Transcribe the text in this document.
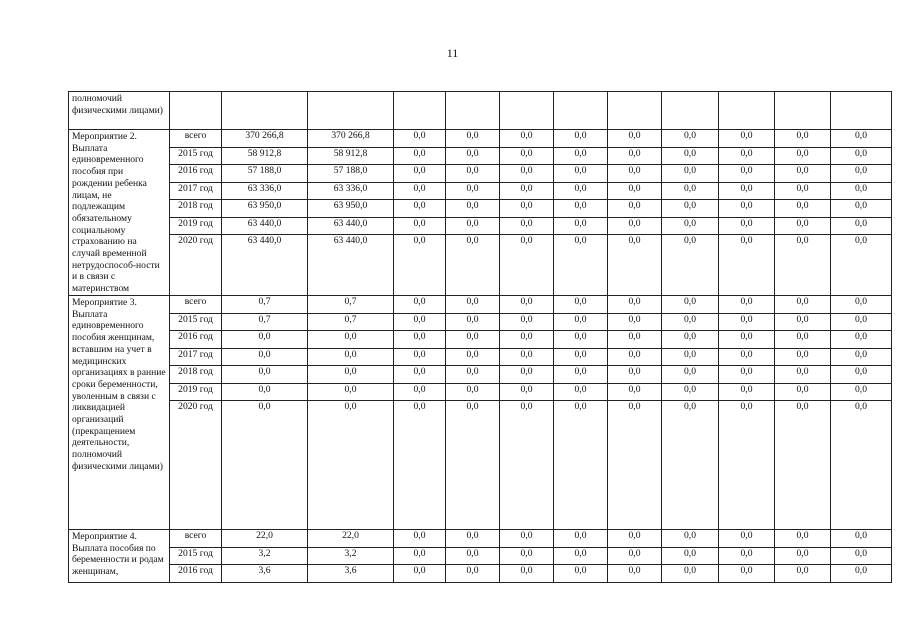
11
полномочий физическими лицами)												
Мероприятие 2. Выплата единовременного пособия при рождении ребенка лицам, не подлежащим обязательному социальному страхованию на случай временной нетрудоспособ-ности и в связи с материнством	всего	370 266,8	370 266,8	0,0	0,0	0,0	0,0	0,0	0,0	0,0	0,0	0,0
	2015 год	58 912,8	58 912,8	0,0	0,0	0,0	0,0	0,0	0,0	0,0	0,0	0,0
	2016 год	57 188,0	57 188,0	0,0	0,0	0,0	0,0	0,0	0,0	0,0	0,0	0,0
	2017 год	63 336,0	63 336,0	0,0	0,0	0,0	0,0	0,0	0,0	0,0	0,0	0,0
	2018 год	63 950,0	63 950,0	0,0	0,0	0,0	0,0	0,0	0,0	0,0	0,0	0,0
	2019 год	63 440,0	63 440,0	0,0	0,0	0,0	0,0	0,0	0,0	0,0	0,0	0,0
	2020 год	63 440,0	63 440,0	0,0	0,0	0,0	0,0	0,0	0,0	0,0	0,0	0,0
Мероприятие 3. Выплата единовременного пособия женщинам, вставшим на учет в медицинских организациях в ранние сроки беременности, уволенным в связи с ликвидацией организаций (прекращением деятельности, полномочий физическими лицами)	всего	0,7	0,7	0,0	0,0	0,0	0,0	0,0	0,0	0,0	0,0	0,0
	2015 год	0,7	0,7	0,0	0,0	0,0	0,0	0,0	0,0	0,0	0,0	0,0
	2016 год	0,0	0,0	0,0	0,0	0,0	0,0	0,0	0,0	0,0	0,0	0,0
	2017 год	0,0	0,0	0,0	0,0	0,0	0,0	0,0	0,0	0,0	0,0	0,0
	2018 год	0,0	0,0	0,0	0,0	0,0	0,0	0,0	0,0	0,0	0,0	0,0
	2019 год	0,0	0,0	0,0	0,0	0,0	0,0	0,0	0,0	0,0	0,0	0,0
	2020 год	0,0	0,0	0,0	0,0	0,0	0,0	0,0	0,0	0,0	0,0	0,0
Мероприятие 4. Выплата пособия по беременности и родам женщинам,	всего	22,0	22,0	0,0	0,0	0,0	0,0	0,0	0,0	0,0	0,0	0,0
	2015 год	3,2	3,2	0,0	0,0	0,0	0,0	0,0	0,0	0,0	0,0	0,0
	2016 год	3,6	3,6	0,0	0,0	0,0	0,0	0,0	0,0	0,0	0,0	0,0
